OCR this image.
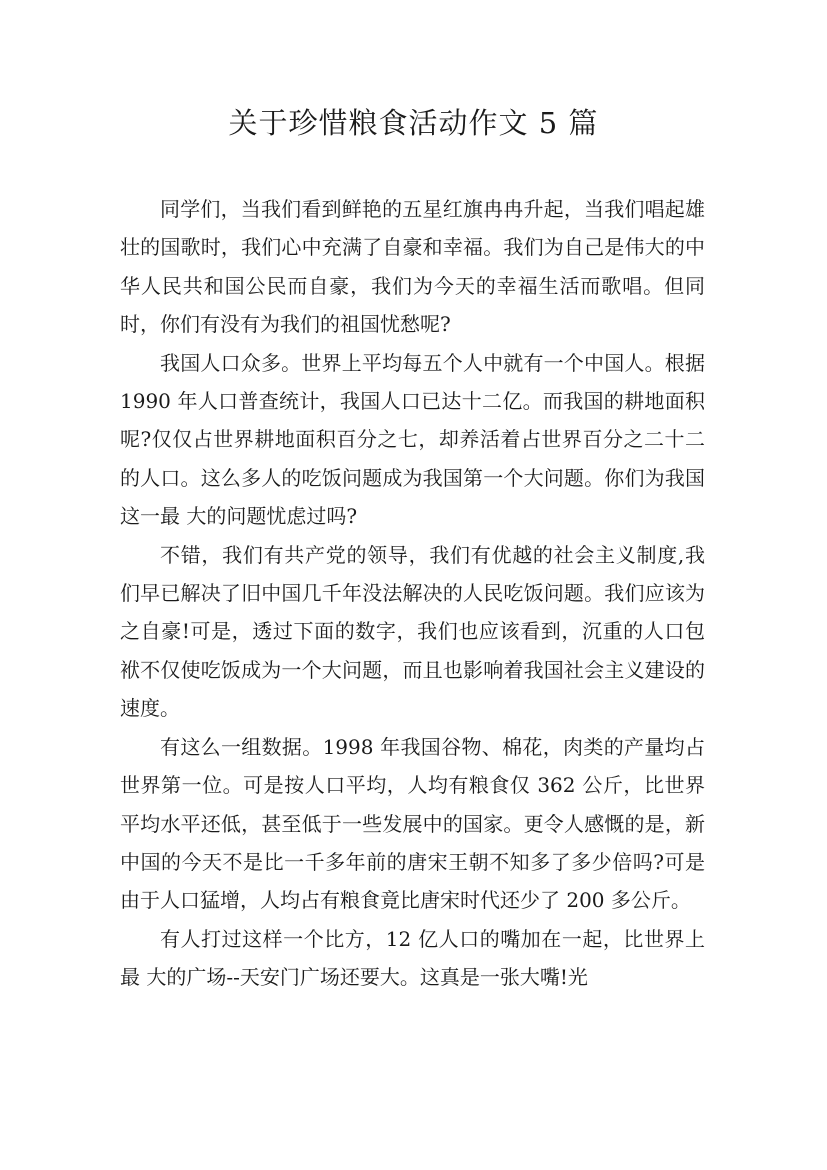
关于珍惜粮食活动作文 5 篇

同学们，当我们看到鲜艳的五星红旗冉冉升起，当我们唱起雄壮的国歌时，我们心中充满了自豪和幸福。我们为自己是伟大的中华人民共和国公民而自豪，我们为今天的幸福生活而歌唱。但同时，你们有没有为我们的祖国忧愁呢?

我国人口众多。世界上平均每五个人中就有一个中国人。根据 1990 年人口普查统计，我国人口已达十二亿。而我国的耕地面积呢?仅仅占世界耕地面积百分之七，却养活着占世界百分之二十二的人口。这么多人的吃饭问题成为我国第一个大问题。你们为我国这一最 大的问题忧虑过吗?

不错，我们有共产党的领导，我们有优越的社会主义制度,我们早已解决了旧中国几千年没法解决的人民吃饭问题。我们应该为之自豪!可是，透过下面的数字，我们也应该看到，沉重的人口包袱不仅使吃饭成为一个大问题，而且也影响着我国社会主义建设的速度。

有这么一组数据。1998 年我国谷物、棉花，肉类的产量均占世界第一位。可是按人口平均，人均有粮食仅 362 公斤，比世界平均水平还低，甚至低于一些发展中的国家。更令人感慨的是，新中国的今天不是比一千多年前的唐宋王朝不知多了多少倍吗?可是由于人口猛增，人均占有粮食竟比唐宋时代还少了 200 多公斤。

有人打过这样一个比方，12 亿人口的嘴加在一起，比世界上最 大的广场--天安门广场还要大。这真是一张大嘴!光
